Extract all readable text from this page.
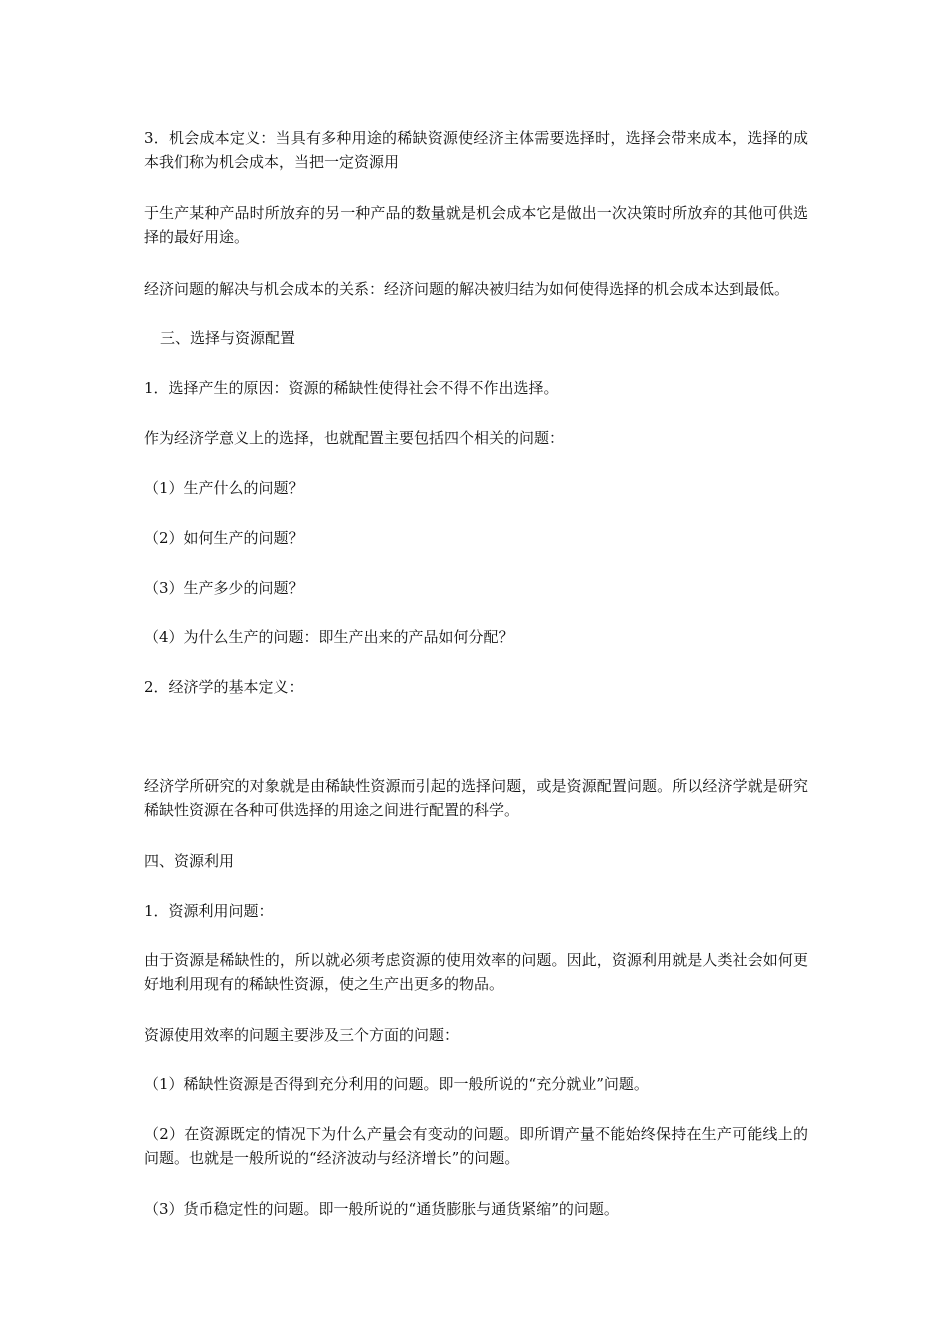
3．机会成本定义：当具有多种用途的稀缺资源使经济主体需要选择时，选择会带来成本，选择的成本我们称为机会成本，当把一定资源用

于生产某种产品时所放弃的另一种产品的数量就是机会成本它是做出一次决策时所放弃的其他可供选择的最好用途。

经济问题的解决与机会成本的关系：经济问题的解决被归结为如何使得选择的机会成本达到最低。

三、选择与资源配置

1．选择产生的原因：资源的稀缺性使得社会不得不作出选择。

作为经济学意义上的选择，也就配置主要包括四个相关的问题：

（1）生产什么的问题？

（2）如何生产的问题？

（3）生产多少的问题？

（4）为什么生产的问题：即生产出来的产品如何分配？

2．经济学的基本定义：

经济学所研究的对象就是由稀缺性资源而引起的选择问题，或是资源配置问题。所以经济学就是研究稀缺性资源在各种可供选择的用途之间进行配置的科学。

四、资源利用

1．资源利用问题：

由于资源是稀缺性的，所以就必须考虑资源的使用效率的问题。因此，资源利用就是人类社会如何更好地利用现有的稀缺性资源，使之生产出更多的物品。

资源使用效率的问题主要涉及三个方面的问题：

（1）稀缺性资源是否得到充分利用的问题。即一般所说的“充分就业”问题。

（2）在资源既定的情况下为什么产量会有变动的问题。即所谓产量不能始终保持在生产可能线上的问题。也就是一般所说的“经济波动与经济增长”的问题。

（3）货币稳定性的问题。即一般所说的“通货膨胀与通货紧缩”的问题。
